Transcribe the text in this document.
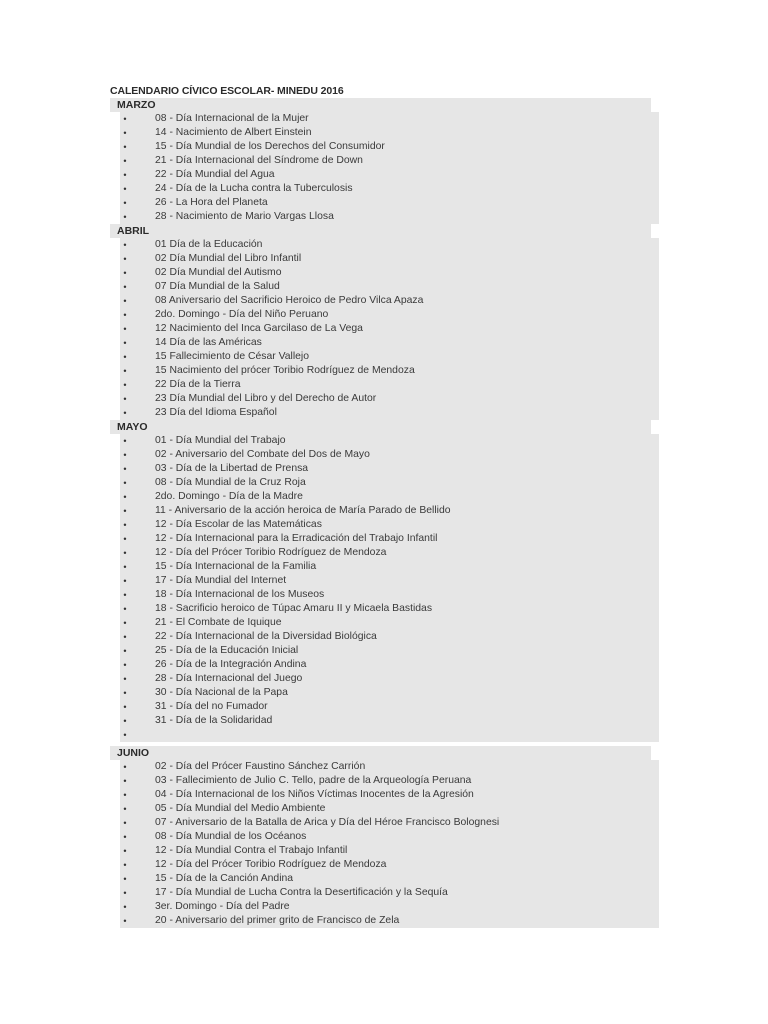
CALENDARIO CÍVICO ESCOLAR- MINEDU 2016
MARZO
•	08 - Día Internacional de la Mujer
•	14 - Nacimiento de Albert Einstein
•	15 - Día Mundial de los Derechos del Consumidor
•	21 - Día Internacional del Síndrome de Down
•	22 - Día Mundial del Agua
•	24 - Día de la Lucha contra la Tuberculosis
•	26 - La Hora del Planeta
•	28 - Nacimiento de Mario Vargas Llosa
ABRIL
•	01 Día de la Educación
•	02 Día Mundial del Libro Infantil
•	02 Día Mundial del Autismo
•	07 Día Mundial de la Salud
•	08 Aniversario del Sacrificio Heroico de Pedro Vilca Apaza
•	2do. Domingo - Día del Niño Peruano
•	12 Nacimiento del Inca Garcilaso de La Vega
•	14 Día de las Américas
•	15 Fallecimiento de César Vallejo
•	15 Nacimiento del prócer Toribio Rodríguez de Mendoza
•	22 Día de la Tierra
•	23 Día Mundial del Libro y del Derecho de Autor
•	23 Día del Idioma Español
MAYO
•	01 - Día Mundial del Trabajo
•	02 - Aniversario del Combate del Dos de Mayo
•	03 - Día de la Libertad de Prensa
•	08 - Día Mundial de la Cruz Roja
•	2do. Domingo - Día de la Madre
•	11 - Aniversario de la acción heroica de María Parado de Bellido
•	12 - Día Escolar de las Matemáticas
•	12 - Día Internacional para la Erradicación del Trabajo Infantil
•	12 - Día del Prócer Toribio Rodríguez de Mendoza
•	15 - Día Internacional de la Familia
•	17 - Día Mundial del Internet
•	18 - Día Internacional de los Museos
•	18 - Sacrificio heroico de Túpac Amaru II y Micaela Bastidas
•	21 - El Combate de Iquique
•	22 - Día Internacional de la Diversidad Biológica
•	25 - Día de la Educación Inicial
•	26 - Día de la Integración Andina
•	28 - Día Internacional del Juego
•	30 - Día Nacional de la Papa
•	31 - Día del no Fumador
•	31 - Día de la Solidaridad
•
JUNIO
•	02 - Día del Prócer Faustino Sánchez Carrión
•	03 - Fallecimiento de Julio C. Tello, padre de la Arqueología Peruana
•	04 - Día Internacional de los Niños Víctimas Inocentes de la Agresión
•	05 - Día Mundial del Medio Ambiente
•	07 - Aniversario de la Batalla de Arica y Día del Héroe Francisco Bolognesi
•	08 - Día Mundial de los Océanos
•	12 - Día Mundial Contra el Trabajo Infantil
•	12 - Día del Prócer Toribio Rodríguez de Mendoza
•	15 - Día de la Canción Andina
•	17 - Día Mundial de Lucha Contra la Desertificación y la Sequía
•	3er. Domingo - Día del Padre
•	20 - Aniversario del primer grito de Francisco de Zela
